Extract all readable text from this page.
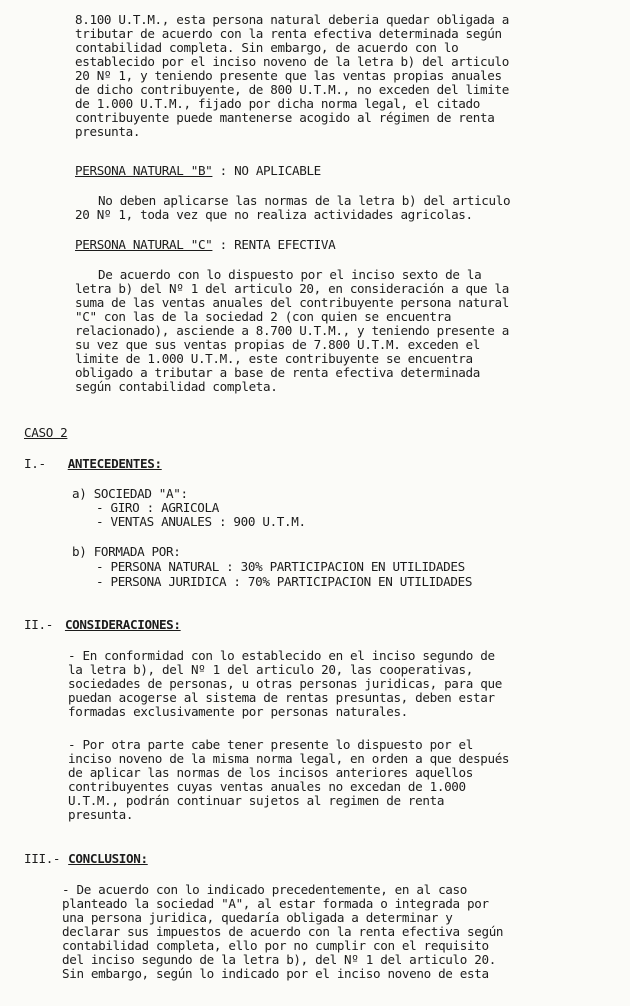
8.100 U.T.M., esta persona natural deberia quedar obligada a

tributar de acuerdo con la renta efectiva determinada según

contabilidad completa. Sin embargo, de acuerdo con lo

establecido por el inciso noveno de la letra b) del articulo

20 Nº 1, y teniendo presente que las ventas propias anuales

de dicho contribuyente, de 800 U.T.M., no exceden del limite

de 1.000 U.T.M., fijado por dicha norma legal, el citado

contribuyente puede mantenerse acogido al régimen de renta

presunta.

PERSONA NATURAL "B" : NO APLICABLE

No deben aplicarse las normas de la letra b) del articulo

20 Nº 1, toda vez que no realiza actividades agricolas.

PERSONA NATURAL "C" : RENTA EFECTIVA

De acuerdo con lo dispuesto por el inciso sexto de la

letra b) del Nº 1 del articulo 20, en consideración a que la

suma de las ventas anuales del contribuyente persona natural

"C" con las de la sociedad 2 (con quien se encuentra

relacionado), asciende a 8.700 U.T.M., y teniendo presente a

su vez que sus ventas propias de 7.800 U.T.M. exceden el

limite de 1.000 U.T.M., este contribuyente se encuentra

obligado a tributar a base de renta efectiva determinada

según contabilidad completa.

CASO 2

I.- ANTECEDENTES:

a) SOCIEDAD "A":

- GIRO : AGRICOLA

- VENTAS ANUALES : 900 U.T.M.

b) FORMADA POR:

- PERSONA NATURAL : 30% PARTICIPACION EN UTILIDADES

- PERSONA JURIDICA : 70% PARTICIPACION EN UTILIDADES

II.- CONSIDERACIONES:

- En conformidad con lo establecido en el inciso segundo de

la letra b), del Nº 1 del articulo 20, las cooperativas,

sociedades de personas, u otras personas juridicas, para que

puedan acogerse al sistema de rentas presuntas, deben estar

formadas exclusivamente por personas naturales.

- Por otra parte cabe tener presente lo dispuesto por el

inciso noveno de la misma norma legal, en orden a que después

de aplicar las normas de los incisos anteriores aquellos

contribuyentes cuyas ventas anuales no excedan de 1.000

U.T.M., podrán continuar sujetos al regimen de renta

presunta.

III.- CONCLUSION:

- De acuerdo con lo indicado precedentemente, en al caso

planteado la sociedad "A", al estar formada o integrada por

una persona juridica, quedaría obligada a determinar y

declarar sus impuestos de acuerdo con la renta efectiva según

contabilidad completa, ello por no cumplir con el requisito

del inciso segundo de la letra b), del Nº 1 del articulo 20.

Sin embargo, según lo indicado por el inciso noveno de esta
